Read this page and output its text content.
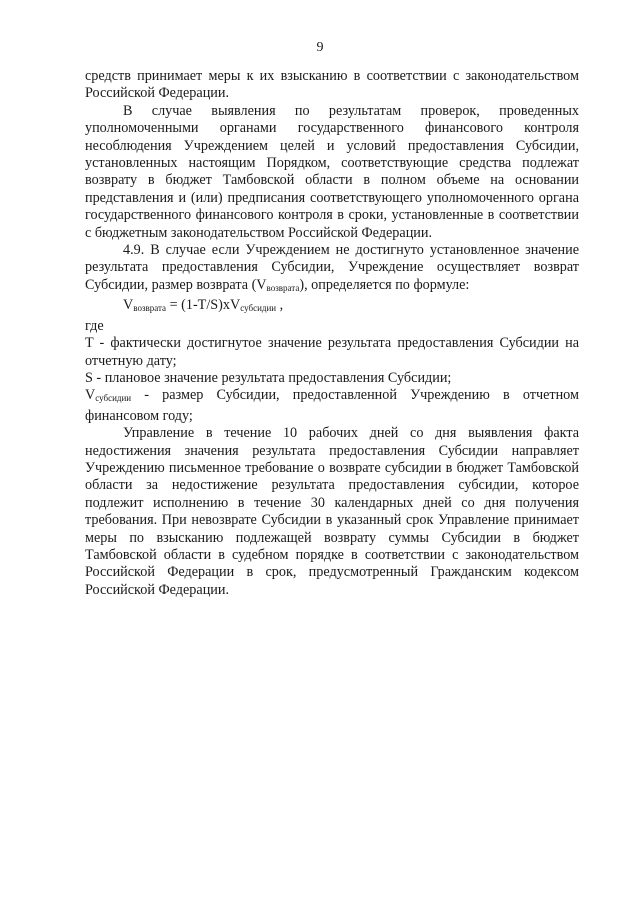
9

средств принимает меры к их взысканию в соответствии с законодательством Российской Федерации.

В случае выявления по результатам проверок, проведенных уполномоченными органами государственного финансового контроля несоблюдения Учреждением целей и условий предоставления Субсидии, установленных настоящим Порядком, соответствующие средства подлежат возврату в бюджет Тамбовской области в полном объеме на основании представления и (или) предписания соответствующего уполномоченного органа государственного финансового контроля в сроки, установленные в соответствии с бюджетным законодательством Российской Федерации.

4.9. В случае если Учреждением не достигнуто установленное значение результата предоставления Субсидии, Учреждение осуществляет возврат Субсидии, размер возврата $(V_{возврата})$, определяется по формуле:

$V_{возврата} = (1-T/S)xV_{субсидии}$ ,

где

T - фактически достигнутое значение результата предоставления Субсидии на отчетную дату;

S - плановое значение результата предоставления Субсидии;

$V_{субсидии}$ - размер Субсидии, предоставленной Учреждению в отчетном финансовом году;

Управление в течение 10 рабочих дней со дня выявления факта недостижения значения результата предоставления Субсидии направляет Учреждению письменное требование о возврате субсидии в бюджет Тамбовской области за недостижение результата предоставления субсидии, которое подлежит исполнению в течение 30 календарных дней со дня получения требования. При невозврате Субсидии в указанный срок Управление принимает меры по взысканию подлежащей возврату суммы Субсидии в бюджет Тамбовской области в судебном порядке в соответствии с законодательством Российской Федерации в срок, предусмотренный Гражданским кодексом Российской Федерации.
